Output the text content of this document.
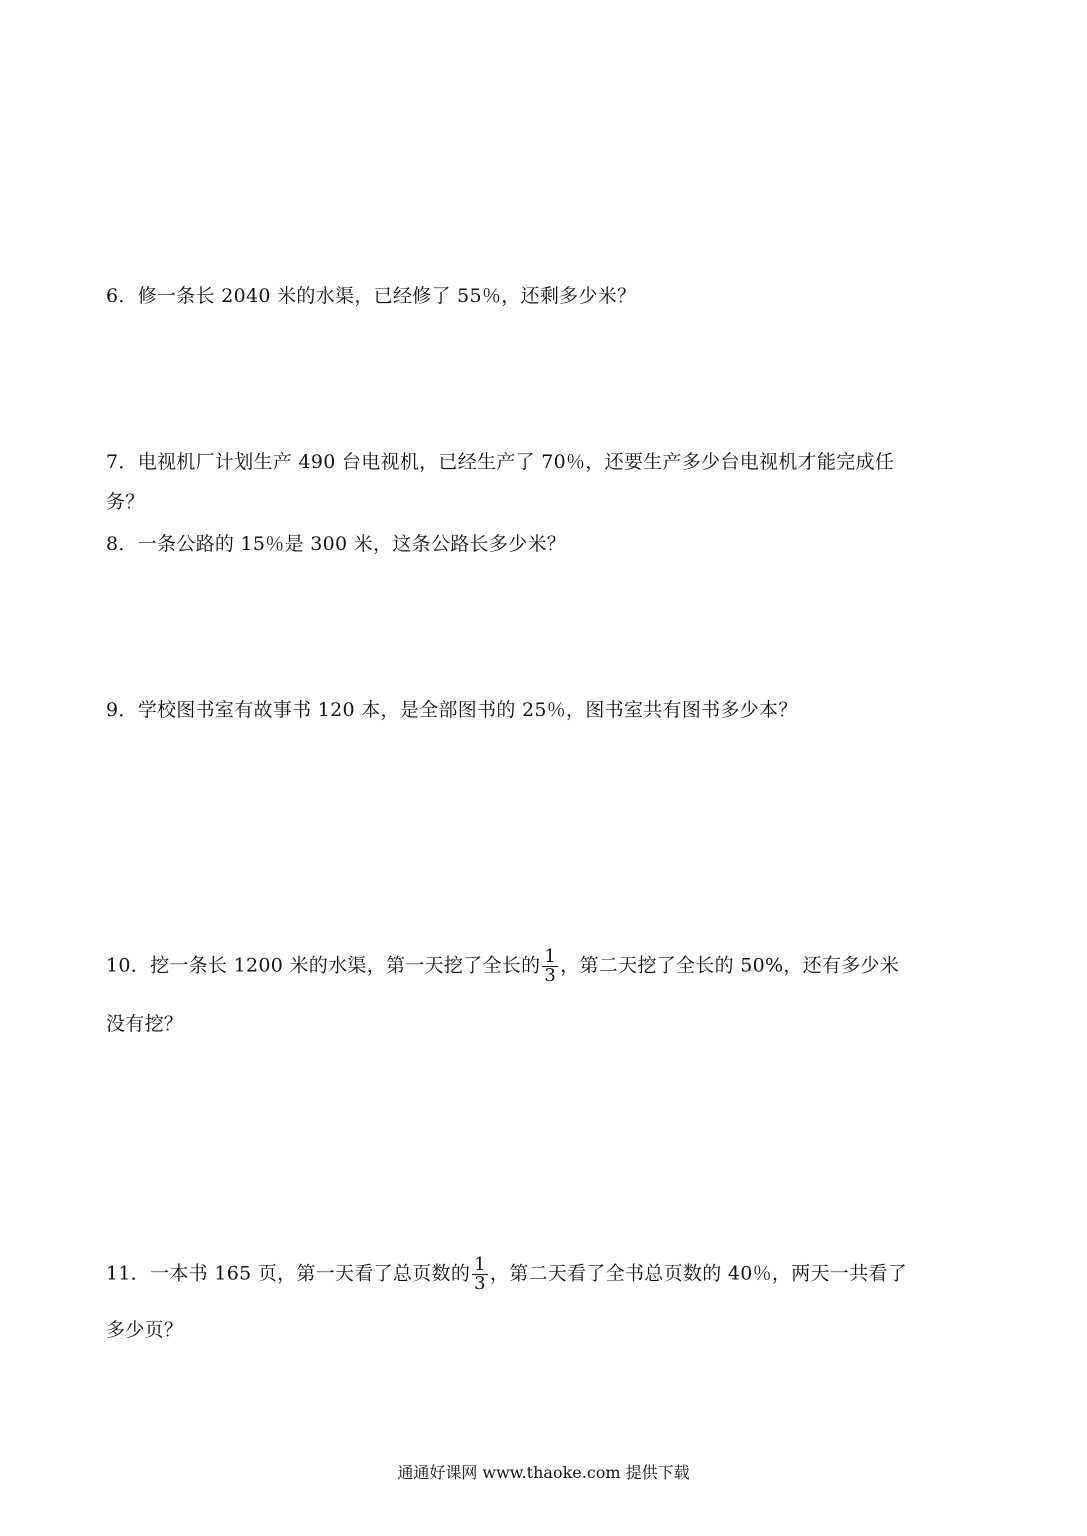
6．修一条长 2040 米的水渠，已经修了 55％，还剩多少米？
7．电视机厂计划生产 490 台电视机，已经生产了 70％，还要生产多少台电视机才能完成任
务？
8．一条公路的 15％是 300 米，这条公路长多少米？
9．学校图书室有故事书 120 本，是全部图书的 25％，图书室共有图书多少本？
10．挖一条长 1200 米的水渠，第一天挖了全长的 $\frac{1}{3}$ ，第二天挖了全长的 50%，还有多少米
没有挖？
11．一本书 165 页，第一天看了总页数的 $\frac{1}{3}$ ，第二天看了全书总页数的 40％，两天一共看了
多少页？
通通好课网 www.thaoke.com 提供下载
